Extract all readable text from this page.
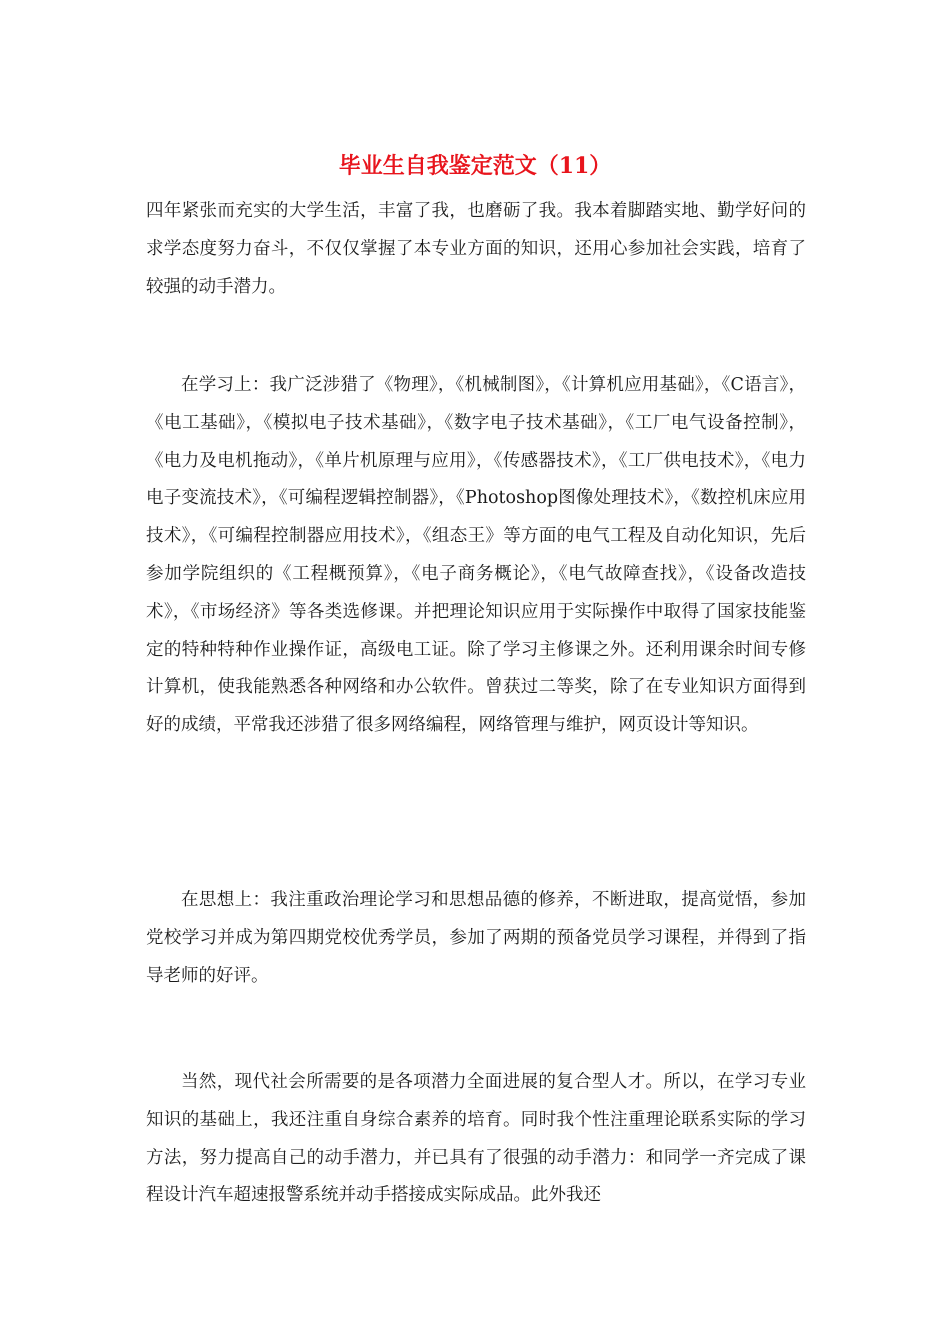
毕业生自我鉴定范文（11）

四年紧张而充实的大学生活，丰富了我，也磨砺了我。我本着脚踏实地、勤学好问的求学态度努力奋斗，不仅仅掌握了本专业方面的知识，还用心参加社会实践，培育了较强的动手潜力。

在学习上：我广泛涉猎了《物理》，《机械制图》，《计算机应用基础》，《C语言》，《电工基础》，《模拟电子技术基础》，《数字电子技术基础》，《工厂电气设备控制》，《电力及电机拖动》，《单片机原理与应用》，《传感器技术》，《工厂供电技术》，《电力电子变流技术》，《可编程逻辑控制器》，《Photoshop图像处理技术》，《数控机床应用技术》，《可编程控制器应用技术》，《组态王》等方面的电气工程及自动化知识，先后参加学院组织的《工程概预算》，《电子商务概论》，《电气故障查找》，《设备改造技术》，《市场经济》等各类选修课。并把理论知识应用于实际操作中取得了国家技能鉴定的特种特种作业操作证，高级电工证。除了学习主修课之外。还利用课余时间专修计算机，使我能熟悉各种网络和办公软件。曾获过二等奖，除了在专业知识方面得到好的成绩，平常我还涉猎了很多网络编程，网络管理与维护，网页设计等知识。

在思想上：我注重政治理论学习和思想品德的修养，不断进取，提高觉悟，参加党校学习并成为第四期党校优秀学员，参加了两期的预备党员学习课程，并得到了指导老师的好评。

当然，现代社会所需要的是各项潜力全面进展的复合型人才。所以，在学习专业知识的基础上，我还注重自身综合素养的培育。同时我个性注重理论联系实际的学习方法，努力提高自己的动手潜力，并已具有了很强的动手潜力：和同学一齐完成了课程设计汽车超速报警系统并动手搭接成实际成品。此外我还
